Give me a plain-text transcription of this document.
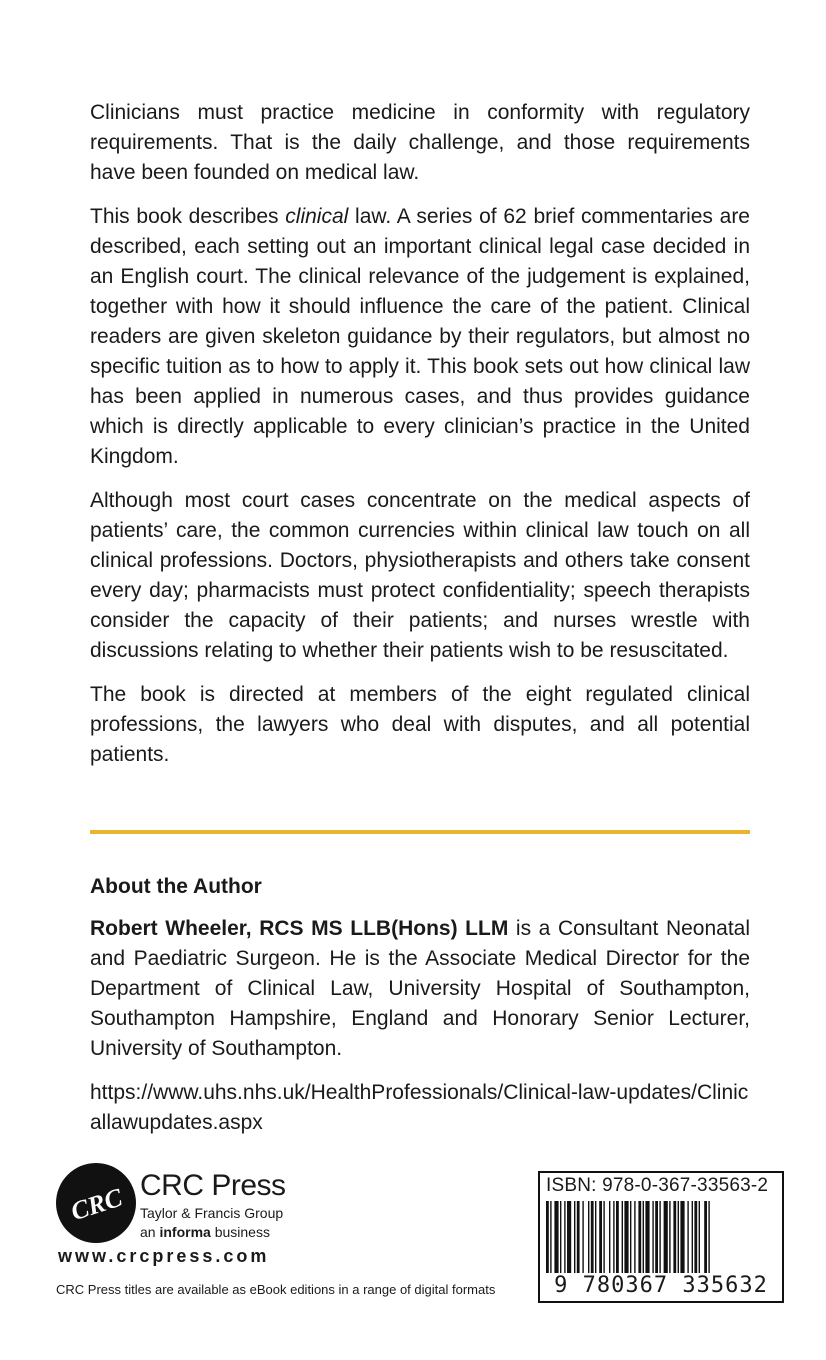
Clinicians must practice medicine in conformity with regulatory requirements. That is the daily challenge, and those requirements have been founded on medical law.

This book describes clinical law. A series of 62 brief commentaries are described, each setting out an important clinical legal case decided in an English court. The clinical relevance of the judgement is explained, together with how it should influence the care of the patient. Clinical readers are given skeleton guidance by their regulators, but almost no specific tuition as to how to apply it. This book sets out how clinical law has been applied in numerous cases, and thus provides guidance which is directly applicable to every clinician’s practice in the United Kingdom.

Although most court cases concentrate on the medical aspects of patients’ care, the common currencies within clinical law touch on all clinical professions. Doctors, physiotherapists and others take consent every day; pharmacists must protect confidentiality; speech therapists consider the capacity of their patients; and nurses wrestle with discussions relating to whether their patients wish to be resuscitated.

The book is directed at members of the eight regulated clinical professions, the lawyers who deal with disputes, and all potential patients.

About the Author

Robert Wheeler, RCS MS LLB(Hons) LLM is a Consultant Neonatal and Paediatric Surgeon. He is the Associate Medical Director for the Department of Clinical Law, University Hospital of Southampton, Southampton Hampshire, England and Honorary Senior Lecturer, University of Southampton.

https://www.uhs.nhs.uk/HealthProfessionals/Clinical-law-updates/Clinicallawupdates.aspx

CRC CRC Press
Taylor & Francis Group
an informa business
www.crcpress.com
CRC Press titles are available as eBook editions in a range of digital formats
ISBN: 978-0-367-33563-2
9 780367 335632
